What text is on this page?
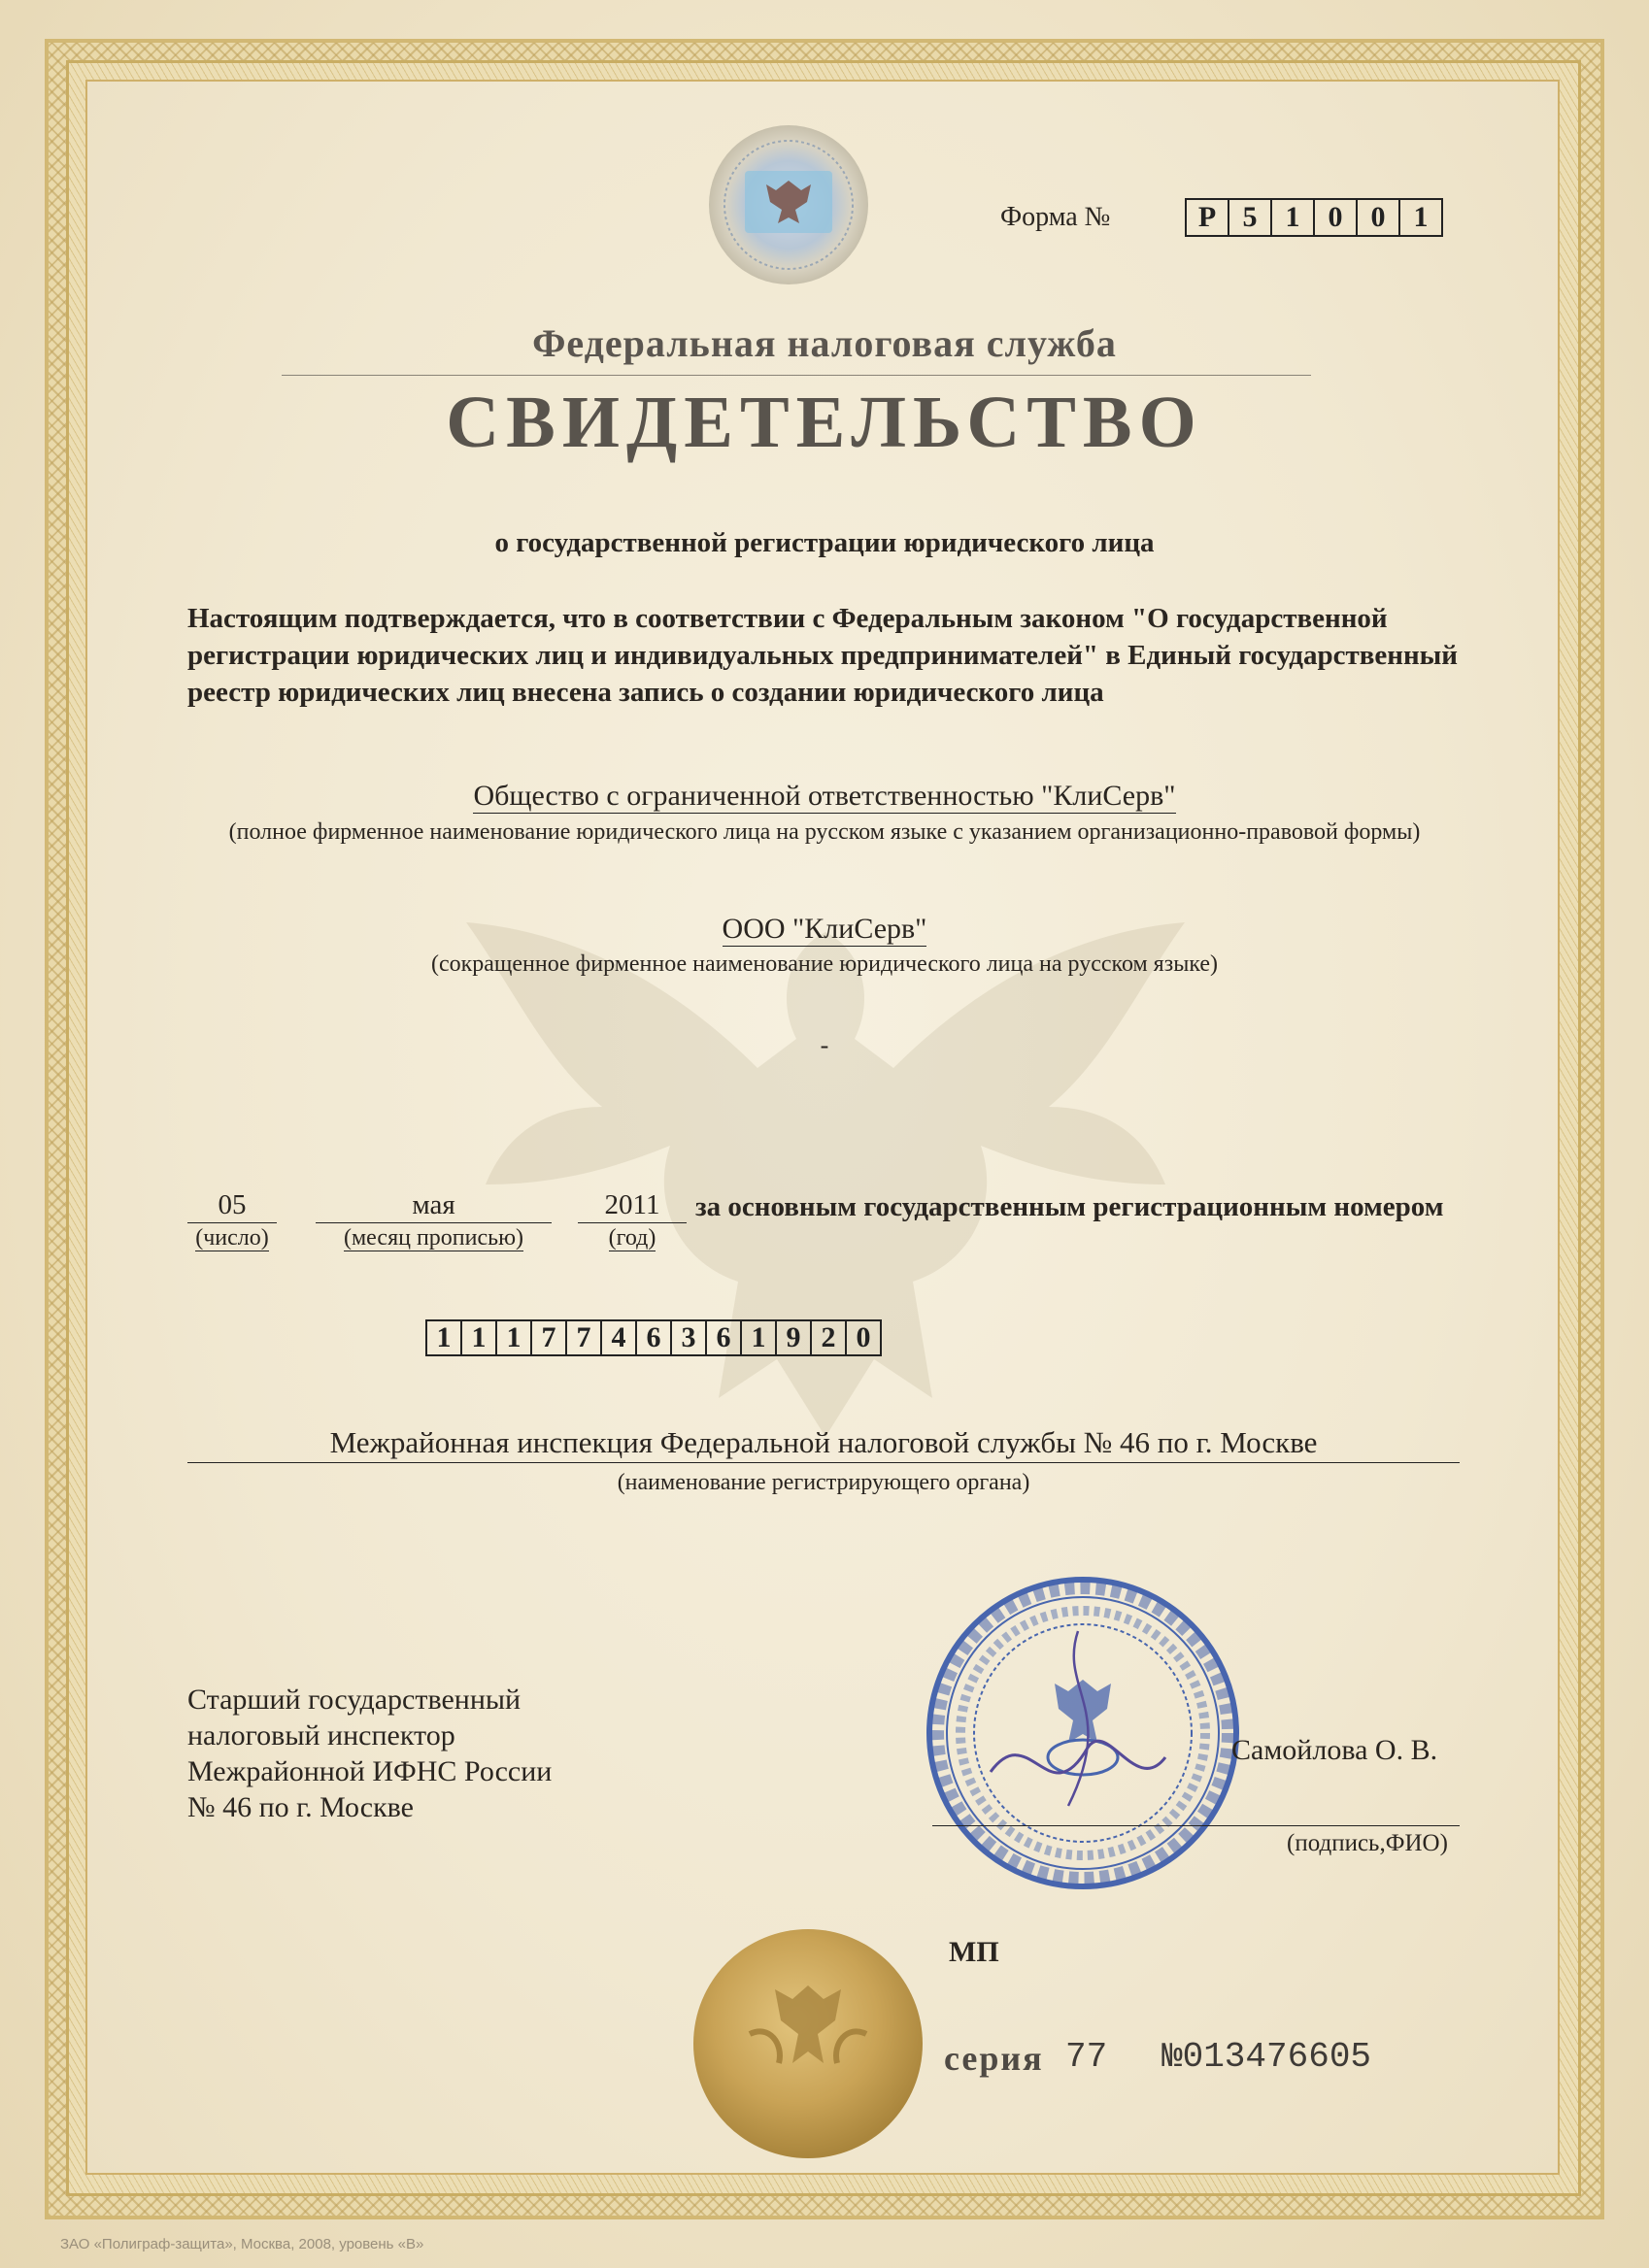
Форма №	Р 5 1 0 0 1
Федеральная налоговая служба
СВИДЕТЕЛЬСТВО
о государственной регистрации юридического лица
Настоящим подтверждается, что в соответствии с Федеральным законом "О государственной регистрации юридических лиц и индивидуальных предпринимателей" в Единый государственный реестр юридических лиц внесена запись о создании юридического лица
Общество с ограниченной ответственностью "КлиСерв"
(полное фирменное наименование юридического лица на русском языке с указанием организационно-правовой формы)
ООО "КлиСерв"
(сокращенное фирменное наименование юридического лица на русском языке)
-
05
(число)
мая
(месяц прописью)
2011
(год)
за основным государственным регистрационным номером
1 1 1 7 7 4 6 3 6 1 9 2 0
Межрайонная инспекция Федеральной налоговой службы № 46 по г. Москве
(наименование регистрирующего органа)
Старший государственный
налоговый инспектор
Межрайонной ИФНС России
№ 46 по г. Москве
Самойлова О. В.
(подпись,ФИО)
МП
серия 77 №013476605
ЗАО «Полиграф-защита», Москва, 2008, уровень «В»
